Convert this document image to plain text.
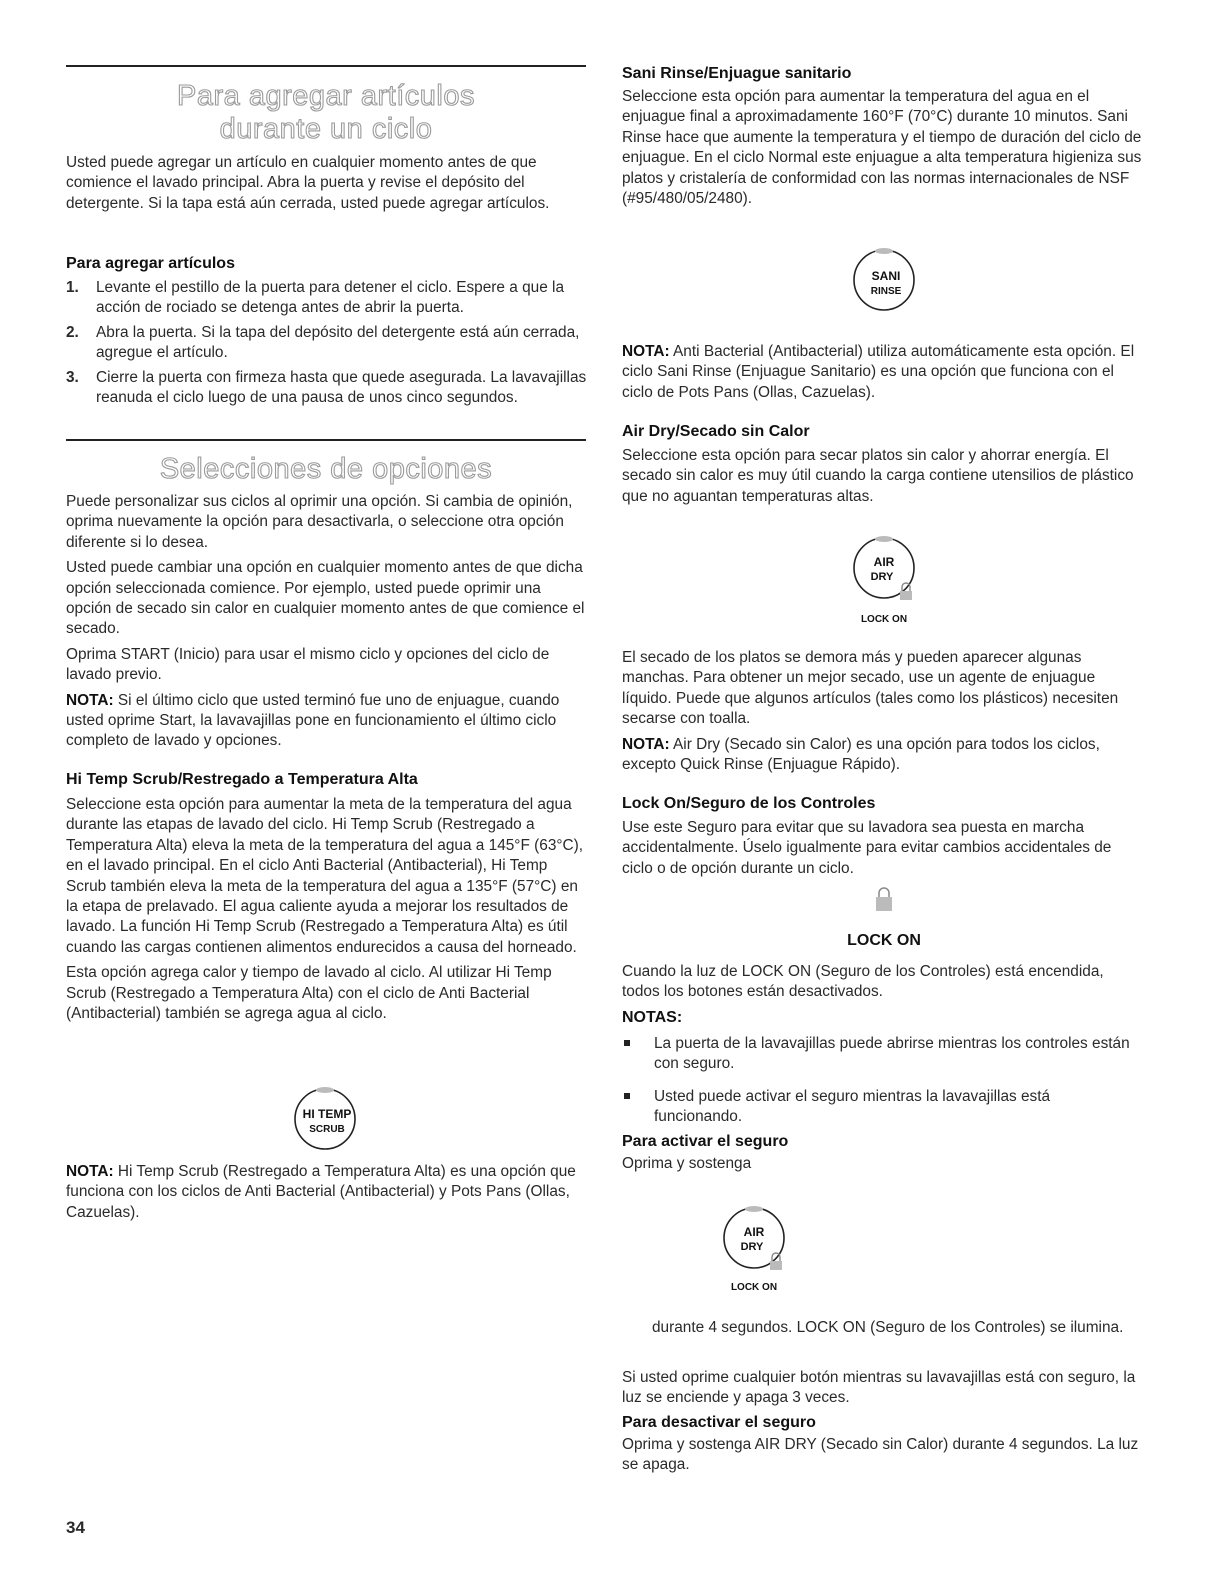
Para agregar artículos
durante un ciclo

Usted puede agregar un artículo en cualquier momento antes de que comience el lavado principal. Abra la puerta y revise el depósito del detergente. Si la tapa está aún cerrada, usted puede agregar artículos.

Para agregar artículos
1. Levante el pestillo de la puerta para detener el ciclo. Espere a que la acción de rociado se detenga antes de abrir la puerta.
2. Abra la puerta. Si la tapa del depósito del detergente está aún cerrada, agregue el artículo.
3. Cierre la puerta con firmeza hasta que quede asegurada. La lavavajillas reanuda el ciclo luego de una pausa de unos cinco segundos.
Selecciones de opciones

Puede personalizar sus ciclos al oprimir una opción. Si cambia de opinión, oprima nuevamente la opción para desactivarla, o seleccione otra opción diferente si lo desea.

Usted puede cambiar una opción en cualquier momento antes de que dicha opción seleccionada comience. Por ejemplo, usted puede oprimir una opción de secado sin calor en cualquier momento antes de que comience el secado.

Oprima START (Inicio) para usar el mismo ciclo y opciones del ciclo de lavado previo.

NOTA: Si el último ciclo que usted terminó fue uno de enjuague, cuando usted oprime Start, la lavavajillas pone en funcionamiento el último ciclo completo de lavado y opciones.

Hi Temp Scrub/Restregado a Temperatura Alta

Seleccione esta opción para aumentar la meta de la temperatura del agua durante las etapas de lavado del ciclo. Hi Temp Scrub (Restregado a Temperatura Alta) eleva la meta de la temperatura del agua a 145°F (63°C), en el lavado principal. En el ciclo Anti Bacterial (Antibacterial), Hi Temp Scrub también eleva la meta de la temperatura del agua a 135°F (57°C) en la etapa de prelavado. El agua caliente ayuda a mejorar los resultados de lavado. La función Hi Temp Scrub (Restregado a Temperatura Alta) es útil cuando las cargas contienen alimentos endurecidos a causa del horneado.

Esta opción agrega calor y tiempo de lavado al ciclo. Al utilizar Hi Temp Scrub (Restregado a Temperatura Alta) con el ciclo de Anti Bacterial (Antibacterial) también se agrega agua al ciclo.

HI TEMP
SCRUB

NOTA: Hi Temp Scrub (Restregado a Temperatura Alta) es una opción que funciona con los ciclos de Anti Bacterial (Antibacterial) y Pots Pans (Ollas, Cazuelas).

34
Sani Rinse/Enjuague sanitario

Seleccione esta opción para aumentar la temperatura del agua en el enjuague final a aproximadamente 160°F (70°C) durante 10 minutos. Sani Rinse hace que aumente la temperatura y el tiempo de duración del ciclo de enjuague. En el ciclo Normal este enjuague a alta temperatura higieniza sus platos y cristalería de conformidad con las normas internacionales de NSF (#95/480/05/2480).

SANI
RINSE

NOTA: Anti Bacterial (Antibacterial) utiliza automáticamente esta opción. El ciclo Sani Rinse (Enjuague Sanitario) es una opción que funciona con el ciclo de Pots Pans (Ollas, Cazuelas).

Air Dry/Secado sin Calor

Seleccione esta opción para secar platos sin calor y ahorrar energía. El secado sin calor es muy útil cuando la carga contiene utensilios de plástico que no aguantan temperaturas altas.

AIR
DRY
LOCK ON

El secado de los platos se demora más y pueden aparecer algunas manchas. Para obtener un mejor secado, use un agente de enjuague líquido. Puede que algunos artículos (tales como los plásticos) necesiten secarse con toalla.

NOTA: Air Dry (Secado sin Calor) es una opción para todos los ciclos, excepto Quick Rinse (Enjuague Rápido).

Lock On/Seguro de los Controles

Use este Seguro para evitar que su lavadora sea puesta en marcha accidentalmente. Úselo igualmente para evitar cambios accidentales de ciclo o de opción durante un ciclo.

LOCK ON

Cuando la luz de LOCK ON (Seguro de los Controles) está encendida, todos los botones están desactivados.

NOTAS:
La puerta de la lavavajillas puede abrirse mientras los controles están con seguro.
Usted puede activar el seguro mientras la lavavajillas está funcionando.
Para activar el seguro

Oprima y sostenga

AIR
DRY
LOCK ON

durante 4 segundos. LOCK ON (Seguro de los Controles) se ilumina.

Si usted oprime cualquier botón mientras su lavavajillas está con seguro, la luz se enciende y apaga 3 veces.

Para desactivar el seguro

Oprima y sostenga AIR DRY (Secado sin Calor) durante 4 segundos. La luz se apaga.
